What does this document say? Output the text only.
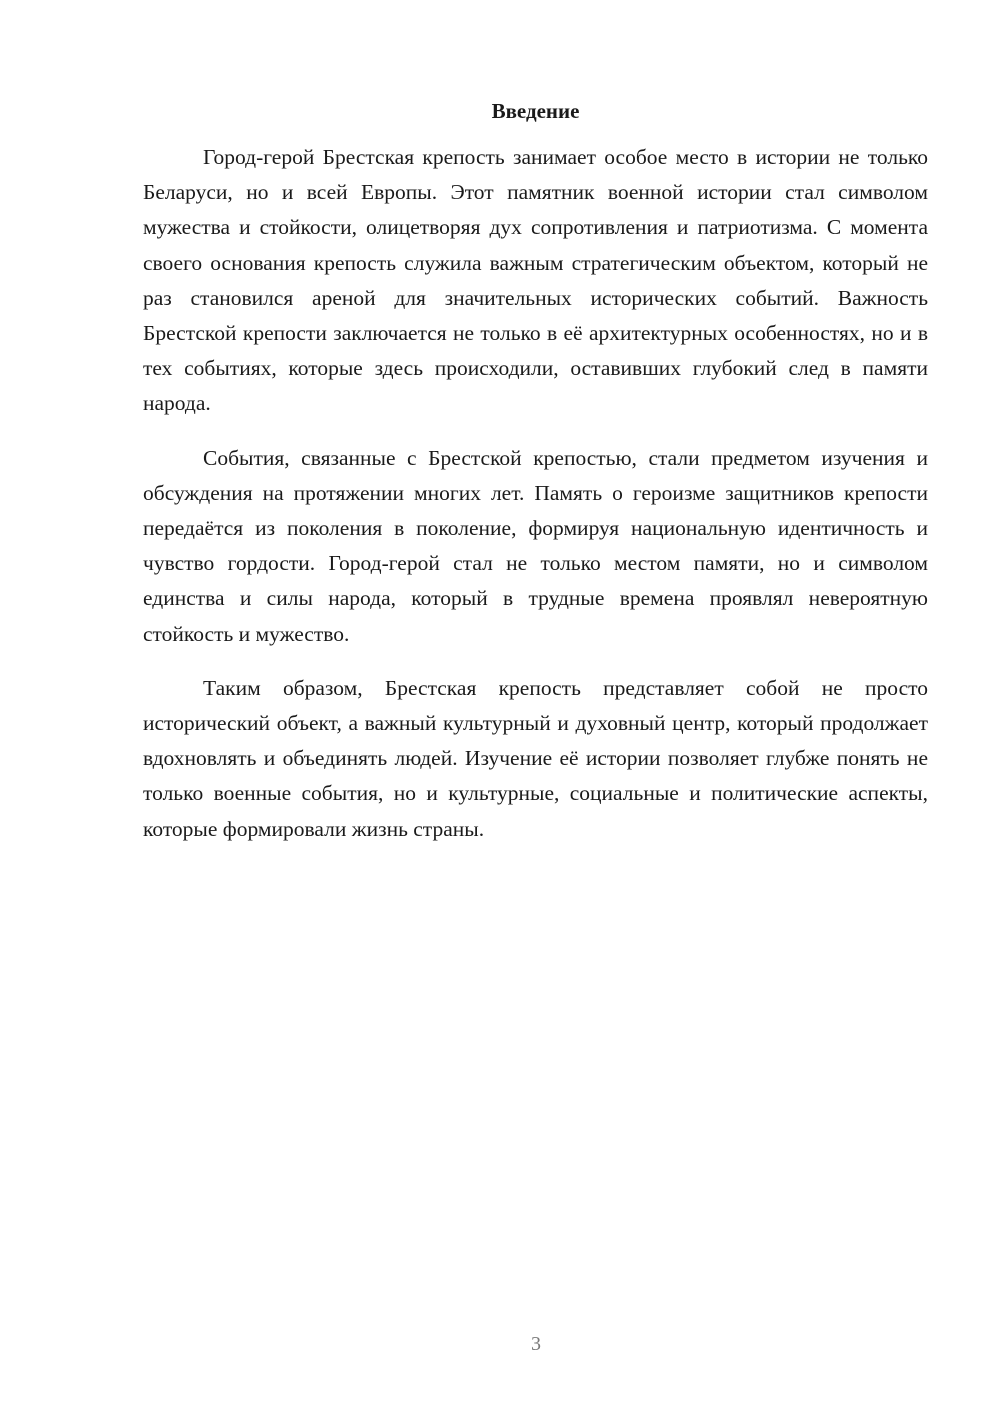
Введение

Город-герой Брестская крепость занимает особое место в истории не только Беларуси, но и всей Европы. Этот памятник военной истории стал символом мужества и стойкости, олицетворяя дух сопротивления и патриотизма. С момента своего основания крепость служила важным стратегическим объектом, который не раз становился ареной для значительных исторических событий. Важность Брестской крепости заключается не только в её архитектурных особенностях, но и в тех событиях, которые здесь происходили, оставивших глубокий след в памяти народа.

События, связанные с Брестской крепостью, стали предметом изучения и обсуждения на протяжении многих лет. Память о героизме защитников крепости передаётся из поколения в поколение, формируя национальную идентичность и чувство гордости. Город-герой стал не только местом памяти, но и символом единства и силы народа, который в трудные времена проявлял невероятную стойкость и мужество.

Таким образом, Брестская крепость представляет собой не просто исторический объект, а важный культурный и духовный центр, который продолжает вдохновлять и объединять людей. Изучение её истории позволяет глубже понять не только военные события, но и культурные, социальные и политические аспекты, которые формировали жизнь страны.

3
